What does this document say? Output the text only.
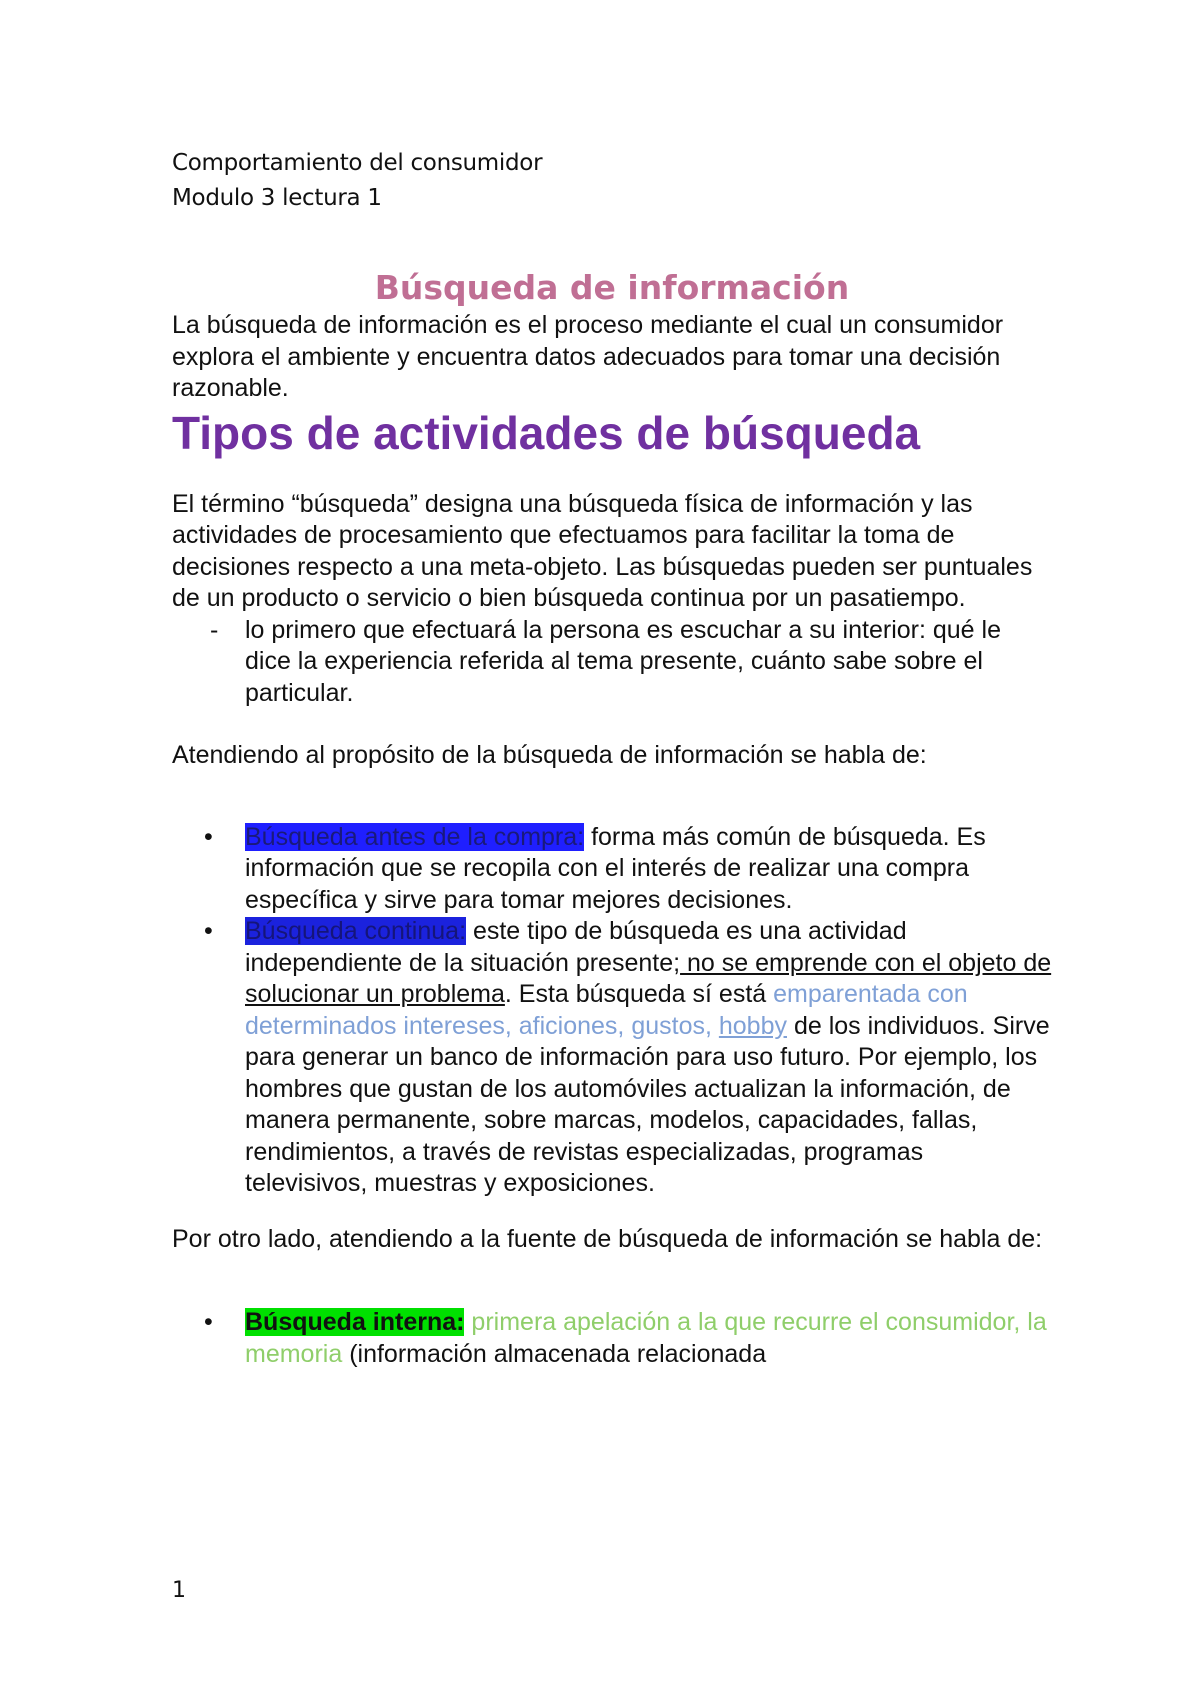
Comportamiento del consumidor
Modulo 3 lectura 1
Búsqueda de información

La búsqueda de información es el proceso mediante el cual un consumidor explora el ambiente y encuentra datos adecuados para tomar una decisión razonable.

Tipos de actividades de búsqueda

El término “búsqueda” designa una búsqueda física de información y las actividades de procesamiento que efectuamos para facilitar la toma de decisiones respecto a una meta-objeto. Las búsquedas pueden ser puntuales de un producto o servicio o bien búsqueda continua por un pasatiempo.

- lo primero que efectuará la persona es escuchar a su interior: qué le dice la experiencia referida al tema presente, cuánto sabe sobre el particular.

Atendiendo al propósito de la búsqueda de información se habla de:

• Búsqueda antes de la compra: forma más común de búsqueda. Es información que se recopila con el interés de realizar una compra específica y sirve para tomar mejores decisiones.
• Búsqueda continua: este tipo de búsqueda es una actividad independiente de la situación presente; no se emprende con el objeto de solucionar un problema. Esta búsqueda sí está emparentada con determinados intereses, aficiones, gustos, hobby de los individuos. Sirve para generar un banco de información para uso futuro. Por ejemplo, los hombres que gustan de los automóviles actualizan la información, de manera permanente, sobre marcas, modelos, capacidades, fallas, rendimientos, a través de revistas especializadas, programas televisivos, muestras y exposiciones.

Por otro lado, atendiendo a la fuente de búsqueda de información se habla de:

• Búsqueda interna: primera apelación a la que recurre el consumidor, la memoria (información almacenada relacionada
1
